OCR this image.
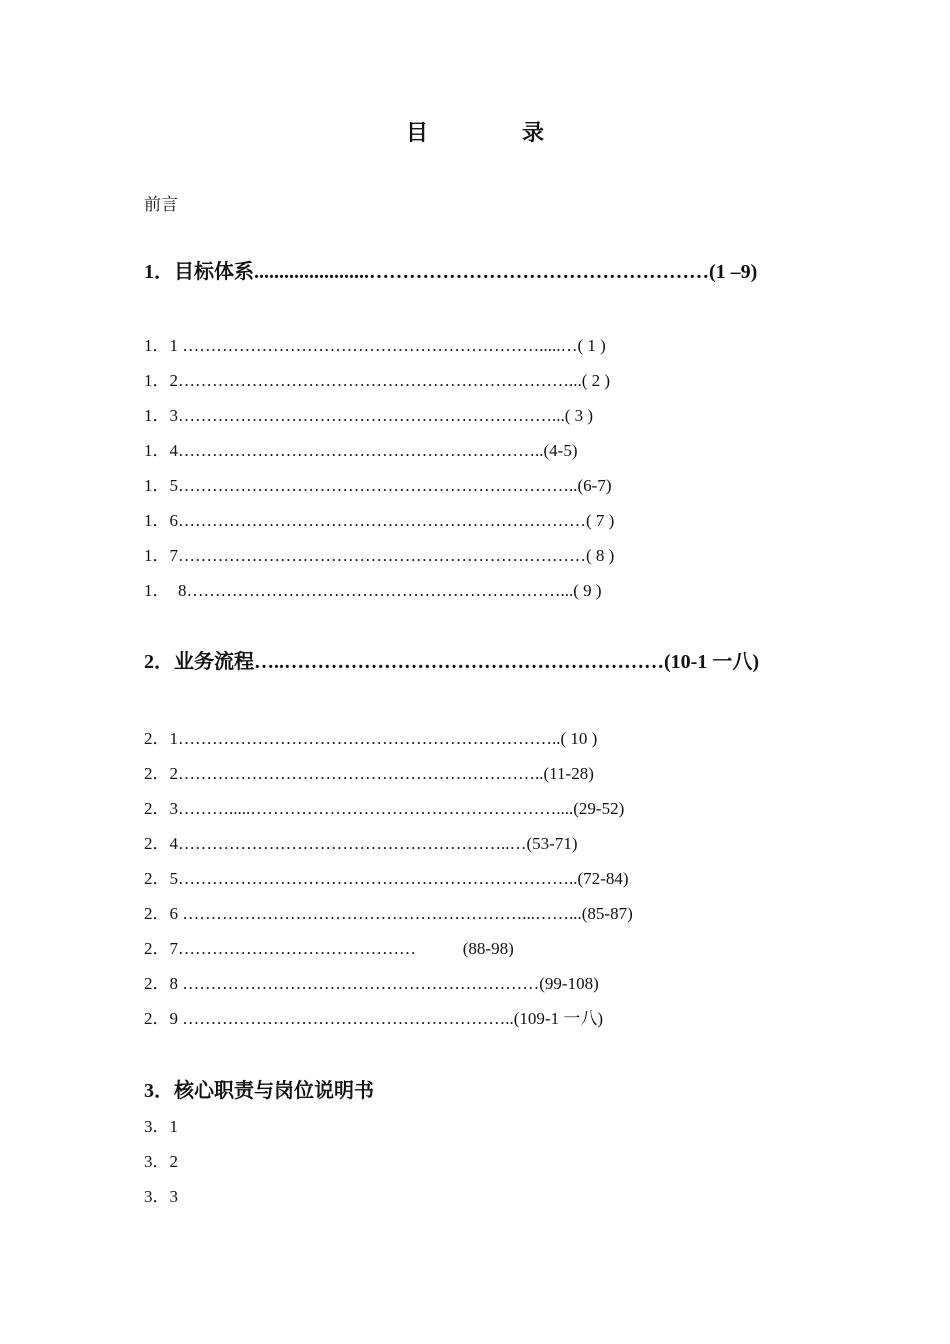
目　录
前言
1．目标体系.......................……………………………………………(1 –9)
1．1 ……………………………………………………….....…( 1 )
1．2……………………………………………………………...( 2 )
1．3…………………………………………………………...( 3 )
1．4………………………………………………………..(4-5)
1．5……………………………………………………………..(6-7)
1．6………………………………………………………………( 7 )
1．7………………………………………………………………( 8 )
1．  8…………………………………………………………...( 9 )
2．业务流程…..…………………………………………………(10-1 一八)
2．1…………………………………………………………..( 10 )
2．2………………………………………………………..(11-28)
2．3……….....………………………………………………....(29-52)
2．4…………………………………………………..…(53-71)
2．5……………………………………………………………..(72-84)
2．6 ……………………………………………………...……...(85-87)
2．7……………………………………           (88-98)
2．8 ………………………………………………………(99-108)
2．9 …………………………………………………..(109-1 一八)
3．核心职责与岗位说明书
3．1
3．2
3．3
